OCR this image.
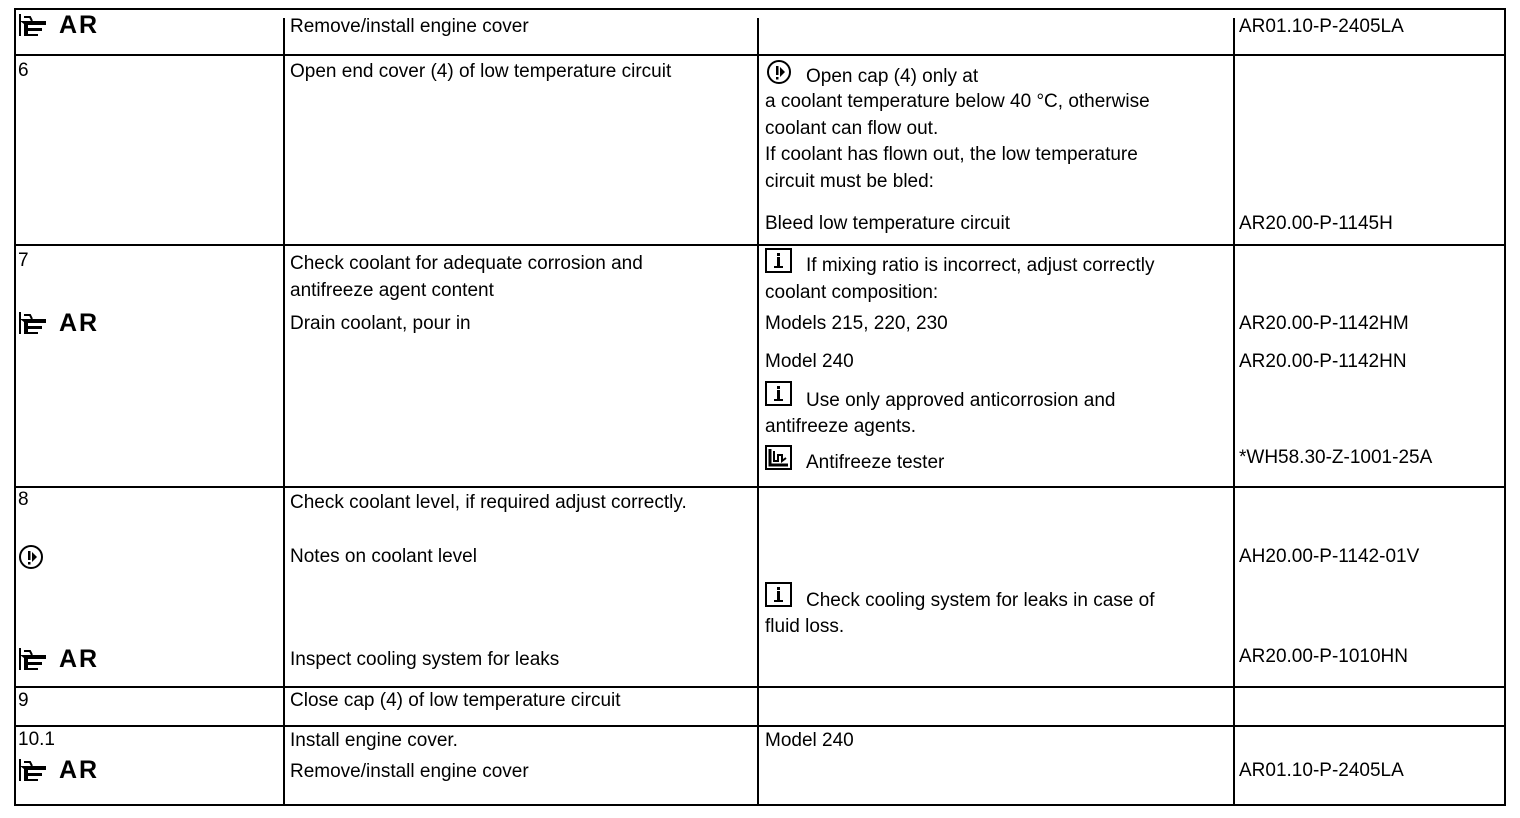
AR	Remove/install engine cover	AR01.10-P-2405LA
6	Open end cover (4) of low temperature circuit	Open cap (4) only at
a coolant temperature below 40 °C, otherwise
coolant can flow out.
If coolant has flown out, the low temperature
circuit must be bled:
Bleed low temperature circuit	AR20.00-P-1145H
7	Check coolant for adequate corrosion and antifreeze agent content
If mixing ratio is incorrect, adjust correctly
coolant composition:
AR	Drain coolant, pour in	Models 215, 220, 230	AR20.00-P-1142HM
Model 240	AR20.00-P-1142HN
Use only approved anticorrosion and
antifreeze agents.
Antifreeze tester	*WH58.30-Z-1001-25A
8	Check coolant level, if required adjust correctly.
Notes on coolant level	AH20.00-P-1142-01V
Check cooling system for leaks in case of
fluid loss.
AR	Inspect cooling system for leaks	AR20.00-P-1010HN
9	Close cap (4) of low temperature circuit
10.1	Install engine cover.	Model 240
AR	Remove/install engine cover	AR01.10-P-2405LA
